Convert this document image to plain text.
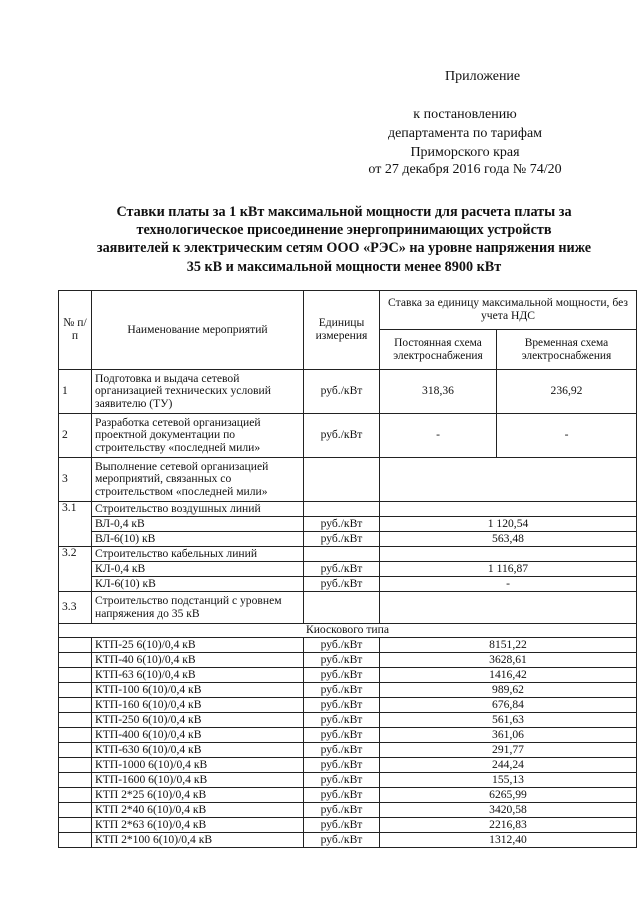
Приложение
к постановлению
департамента по тарифам
Приморского края
от 27 декабря 2016 года № 74/20
Ставки платы за 1 кВт максимальной мощности для расчета платы за
технологическое присоединение энергопринимающих устройств
заявителей к электрическим сетям ООО «РЭС» на уровне напряжения ниже
35 кВ и максимальной мощности менее 8900 кВт
№ п/п	Наименование мероприятий	Единицы измерения	Ставка за единицу максимальной мощности, без учета НДС	
			Постоянная схема электроснабжения	Временная схема электроснабжения
1	Подготовка и выдача сетевой организацией технических условий заявителю (ТУ)	руб./кВт	318,36	236,92
2	Разработка сетевой организацией проектной документации по строительству «последней мили»	руб./кВт	-	-
3	Выполнение сетевой организацией мероприятий, связанных со строительством «последней мили»			
3.1	Строительство воздушных линий			
	ВЛ-0,4 кВ	руб./кВт	1 120,54	
	ВЛ-6(10) кВ	руб./кВт	563,48	
3.2	Строительство кабельных линий			
	КЛ-0,4 кВ	руб./кВт	1 116,87	
	КЛ-6(10) кВ	руб./кВт	-	
3.3	Строительство подстанций с уровнем напряжения до 35 кВ			
Киоскового типа				
	КТП-25 6(10)/0,4 кВ	руб./кВт	8151,22	
	КТП-40 6(10)/0,4 кВ	руб./кВт	3628,61	
	КТП-63 6(10)/0,4 кВ	руб./кВт	1416,42	
	КТП-100 6(10)/0,4 кВ	руб./кВт	989,62	
	КТП-160 6(10)/0,4 кВ	руб./кВт	676,84	
	КТП-250 6(10)/0,4 кВ	руб./кВт	561,63	
	КТП-400 6(10)/0,4 кВ	руб./кВт	361,06	
	КТП-630 6(10)/0,4 кВ	руб./кВт	291,77	
	КТП-1000 6(10)/0,4 кВ	руб./кВт	244,24	
	КТП-1600 6(10)/0,4 кВ	руб./кВт	155,13	
	КТП 2*25 6(10)/0,4 кВ	руб./кВт	6265,99	
	КТП 2*40 6(10)/0,4 кВ	руб./кВт	3420,58	
	КТП 2*63 6(10)/0,4 кВ	руб./кВт	2216,83	
	КТП 2*100 6(10)/0,4 кВ	руб./кВт	1312,40	
